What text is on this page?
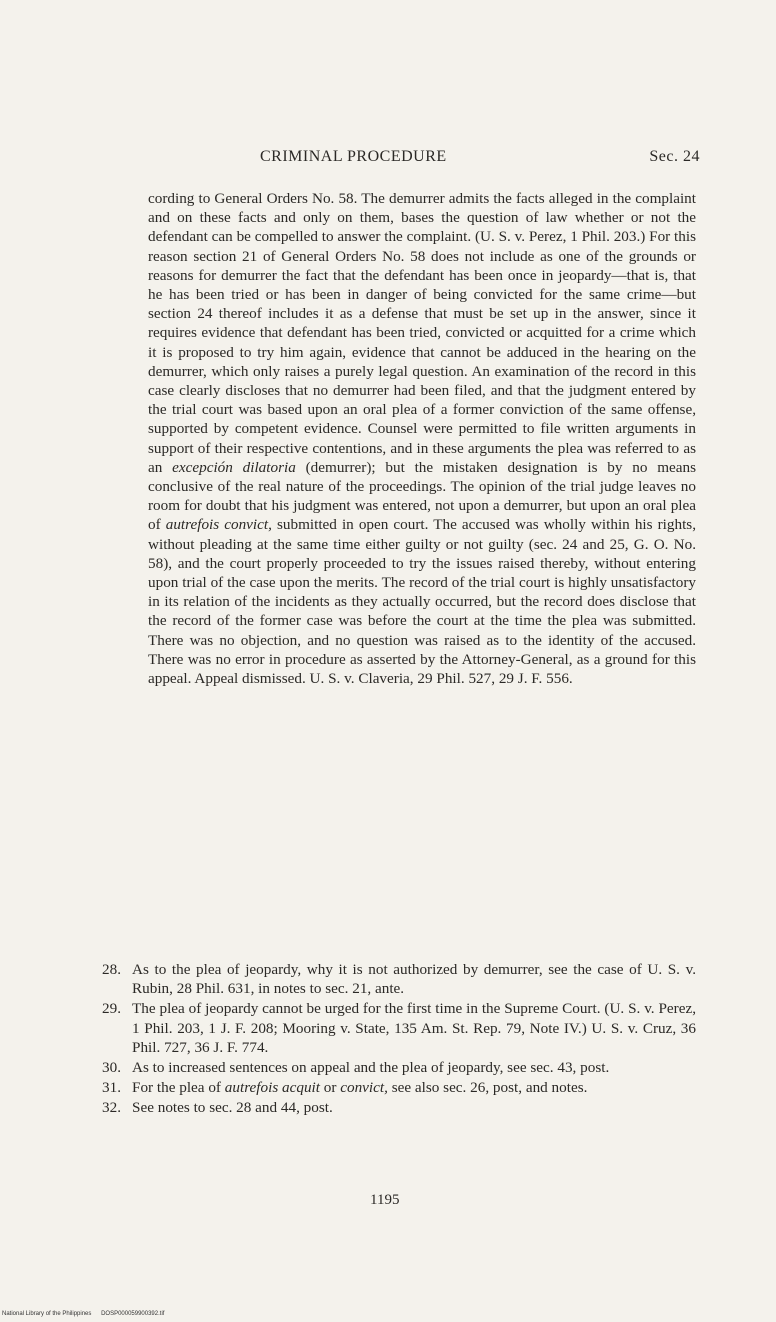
CRIMINAL PROCEDURE	Sec. 24

cording to General Orders No. 58. The demurrer admits the facts alleged in the complaint and on these facts and only on them, bases the question of law whether or not the defendant can be compelled to answer the complaint. (U. S. v. Perez, 1 Phil. 203.) For this reason section 21 of General Orders No. 58 does not include as one of the grounds or reasons for demurrer the fact that the defendant has been once in jeopardy—that is, that he has been tried or has been in danger of being convicted for the same crime—but section 24 thereof includes it as a defense that must be set up in the answer, since it requires evidence that defendant has been tried, convicted or acquitted for a crime which it is proposed to try him again, evidence that cannot be adduced in the hearing on the demurrer, which only raises a purely legal question. An examination of the record in this case clearly discloses that no demurrer had been filed, and that the judgment entered by the trial court was based upon an oral plea of a former conviction of the same offense, supported by competent evidence. Counsel were permitted to file written arguments in support of their respective contentions, and in these arguments the plea was referred to as an excepción dilatoria (demurrer); but the mistaken designation is by no means conclusive of the real nature of the proceedings. The opinion of the trial judge leaves no room for doubt that his judgment was entered, not upon a demurrer, but upon an oral plea of autrefois convict, submitted in open court. The accused was wholly within his rights, without pleading at the same time either guilty or not guilty (sec. 24 and 25, G. O. No. 58), and the court properly proceeded to try the issues raised thereby, without entering upon trial of the case upon the merits. The record of the trial court is highly unsatisfactory in its relation of the incidents as they actually occurred, but the record does disclose that the record of the former case was before the court at the time the plea was submitted. There was no objection, and no question was raised as to the identity of the accused. There was no error in procedure as asserted by the Attorney-General, as a ground for this appeal. Appeal dismissed. U. S. v. Claveria, 29 Phil. 527, 29 J. F. 556.

28. As to the plea of jeopardy, why it is not authorized by demurrer, see the case of U. S. v. Rubin, 28 Phil. 631, in notes to sec. 21, ante.
29. The plea of jeopardy cannot be urged for the first time in the Supreme Court. (U. S. v. Perez, 1 Phil. 203, 1 J. F. 208; Mooring v. State, 135 Am. St. Rep. 79, Note IV.) U. S. v. Cruz, 36 Phil. 727, 36 J. F. 774.
30. As to increased sentences on appeal and the plea of jeopardy, see sec. 43, post.
31. For the plea of autrefois acquit or convict, see also sec. 26, post, and notes.
32. See notes to sec. 28 and 44, post.
1195
National Library of the Philippines DOSP000059900392.tif
